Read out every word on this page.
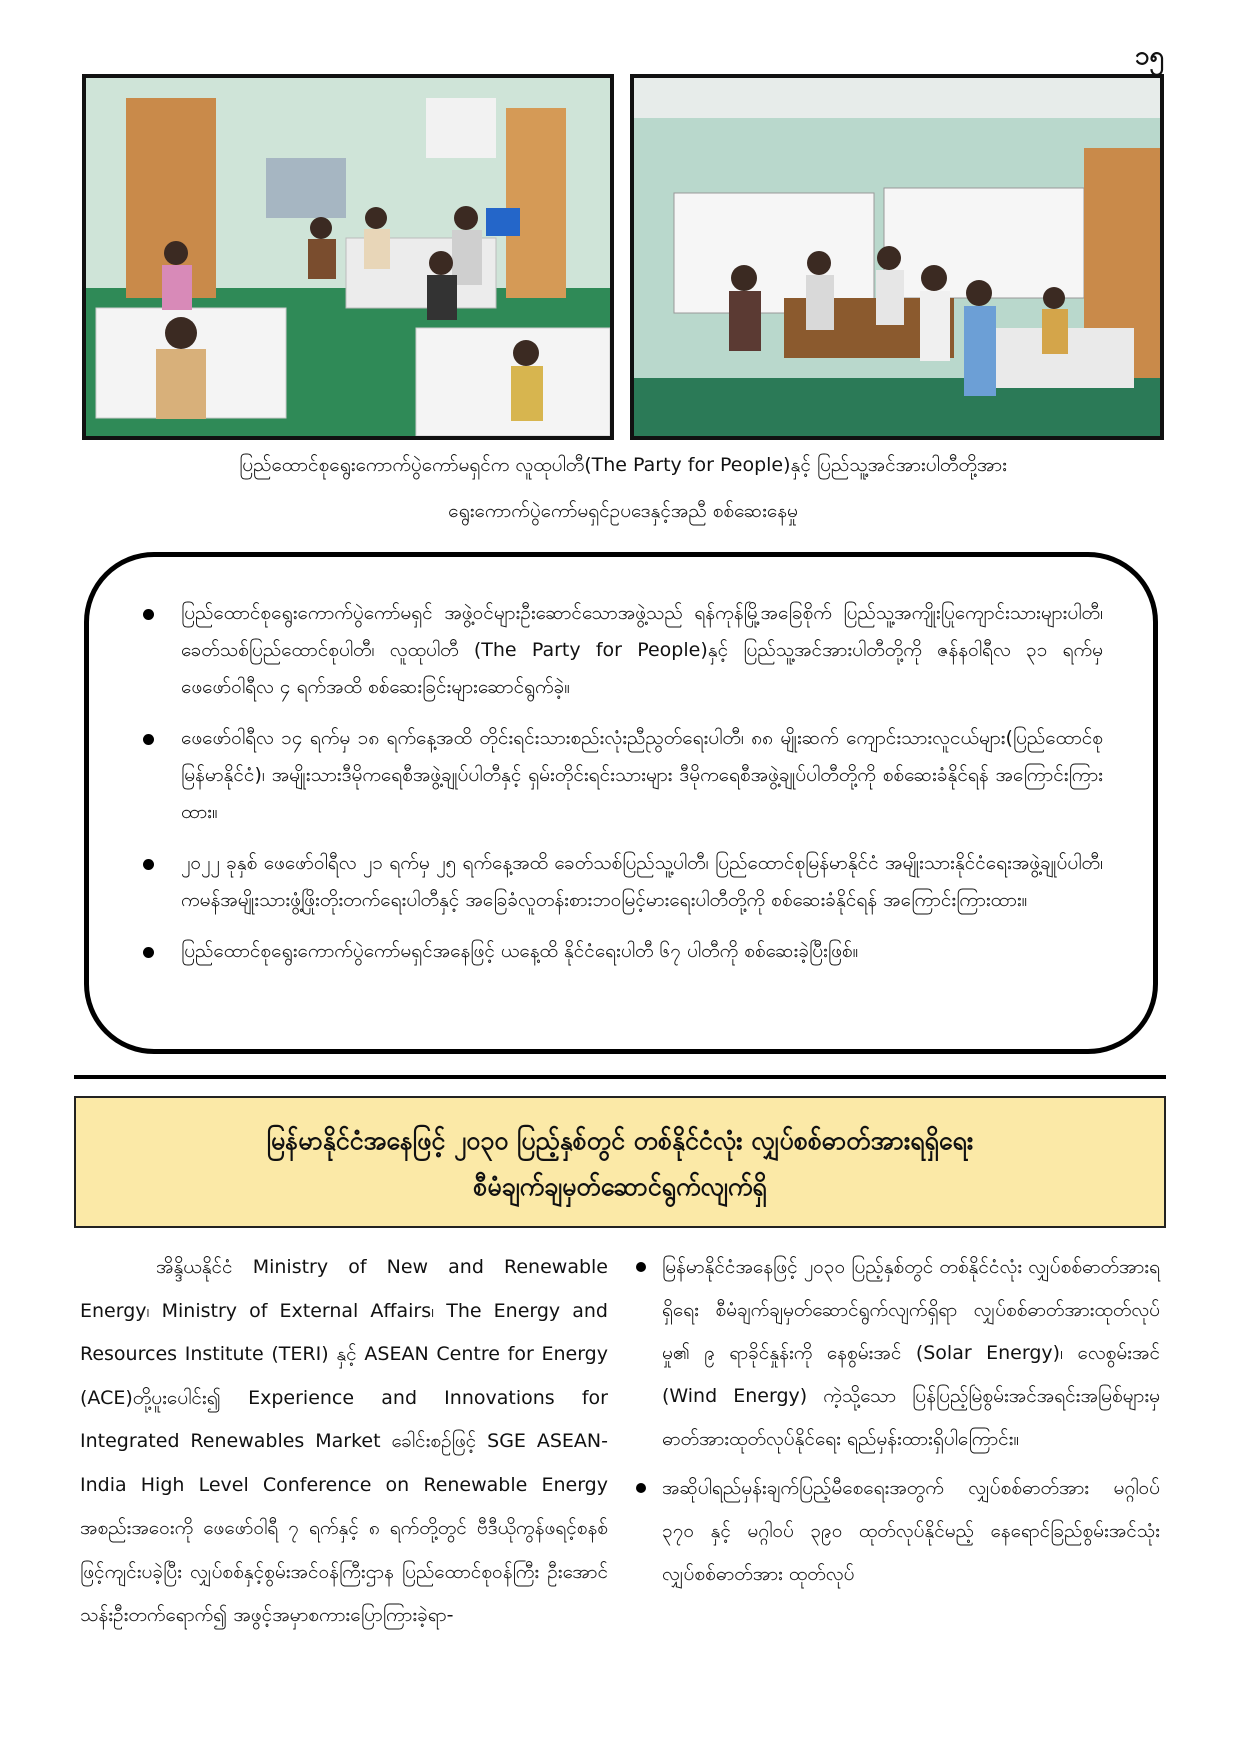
၁၅
ပြည်ထောင်စုရွေးကောက်ပွဲကော်မရှင်က လူထုပါတီ(The Party for People)နှင့် ပြည်သူ့အင်အားပါတီတို့အား
ရွေးကောက်ပွဲကော်မရှင်ဥပဒေနှင့်အညီ စစ်ဆေးနေမှု
ပြည်ထောင်စုရွေးကောက်ပွဲကော်မရှင် အဖွဲ့ဝင်များဦးဆောင်သောအဖွဲ့သည် ရန်ကုန်မြို့အခြေစိုက် ပြည်သူ့အကျိုးပြုကျောင်းသားများပါတီ၊ ခေတ်သစ်ပြည်ထောင်စုပါတီ၊ လူထုပါတီ (The Party for People)နှင့် ပြည်သူ့အင်အားပါတီတို့ကို ဇန်နဝါရီလ ၃၁ ရက်မှ ဖေဖော်ဝါရီလ ၄ ရက်အထိ စစ်ဆေးခြင်းများဆောင်ရွက်ခဲ့။
ဖေဖော်ဝါရီလ ၁၄ ရက်မှ ၁၈ ရက်နေ့အထိ တိုင်းရင်းသားစည်းလုံးညီညွတ်ရေးပါတီ၊ ၈၈ မျိုးဆက် ကျောင်းသားလူငယ်များ(ပြည်ထောင်စုမြန်မာနိုင်ငံ)၊ အမျိုးသားဒီမိုကရေစီအဖွဲ့ချုပ်ပါတီနှင့် ရှမ်းတိုင်းရင်းသားများ ဒီမိုကရေစီအဖွဲ့ချုပ်ပါတီတို့ကို စစ်ဆေးခံနိုင်ရန် အကြောင်းကြားထား။
၂၀၂၂ ခုနှစ် ဖေဖော်ဝါရီလ ၂၁ ရက်မှ ၂၅ ရက်နေ့အထိ ခေတ်သစ်ပြည်သူ့ပါတီ၊ ပြည်ထောင်စုမြန်မာနိုင်ငံ အမျိုးသားနိုင်ငံရေးအဖွဲ့ချုပ်ပါတီ၊ ကမန်အမျိုးသားဖွံ့ဖြိုးတိုးတက်ရေးပါတီနှင့် အခြေခံလူတန်းစားဘဝမြင့်မားရေးပါတီတို့ကို စစ်ဆေးခံနိုင်ရန် အကြောင်းကြားထား။
ပြည်ထောင်စုရွေးကောက်ပွဲကော်မရှင်အနေဖြင့် ယနေ့ထိ နိုင်ငံရေးပါတီ ၆၇ ပါတီကို စစ်ဆေးခဲ့ပြီးဖြစ်။
မြန်မာနိုင်ငံအနေဖြင့် ၂၀၃၀ ပြည့်နှစ်တွင် တစ်နိုင်ငံလုံး လျှပ်စစ်ဓာတ်အားရရှိရေး
စီမံချက်ချမှတ်ဆောင်ရွက်လျက်ရှိ

အိန္ဒိယနိုင်ငံ Ministry of New and Renewable Energy၊ Ministry of External Affairs၊ The Energy and Resources Institute (TERI) နှင့် ASEAN Centre for Energy (ACE)တို့ပူးပေါင်း၍ Experience and Innovations for Integrated Renewables Market ခေါင်းစဉ်ဖြင့် SGE ASEAN-India High Level Conference on Renewable Energy အစည်းအဝေးကို ဖေဖော်ဝါရီ ၇ ရက်နှင့် ၈ ရက်တို့တွင် ဗီဒီယိုကွန်ဖရင့်စနစ်ဖြင့်ကျင်းပခဲ့ပြီး လျှပ်စစ်နှင့်စွမ်းအင်ဝန်ကြီးဌာန ပြည်ထောင်စုဝန်ကြီး ဦးအောင်သန်းဦးတက်ရောက်၍ အဖွင့်အမှာစကားပြောကြားခဲ့ရာ-

မြန်မာနိုင်ငံအနေဖြင့် ၂၀၃၀ ပြည့်နှစ်တွင် တစ်နိုင်ငံလုံး လျှပ်စစ်ဓာတ်အားရရှိရေး စီမံချက်ချမှတ်ဆောင်ရွက်လျက်ရှိရာ လျှပ်စစ်ဓာတ်အားထုတ်လုပ်မှု၏ ၉ ရာခိုင်နှုန်းကို နေစွမ်းအင် (Solar Energy)၊ လေစွမ်းအင် (Wind Energy) ကဲ့သို့သော ပြန်ပြည့်မြဲစွမ်းအင်အရင်းအမြစ်များမှ ဓာတ်အားထုတ်လုပ်နိုင်ရေး ရည်မှန်းထားရှိပါကြောင်း။
အဆိုပါရည်မှန်းချက်ပြည့်မီစေရေးအတွက် လျှပ်စစ်ဓာတ်အား မဂ္ဂါဝပ် ၃၇၀ နှင့် မဂ္ဂါဝပ် ၃၉၀ ထုတ်လုပ်နိုင်မည့် နေရောင်ခြည်စွမ်းအင်သုံး လျှပ်စစ်ဓာတ်အား ထုတ်လုပ်
